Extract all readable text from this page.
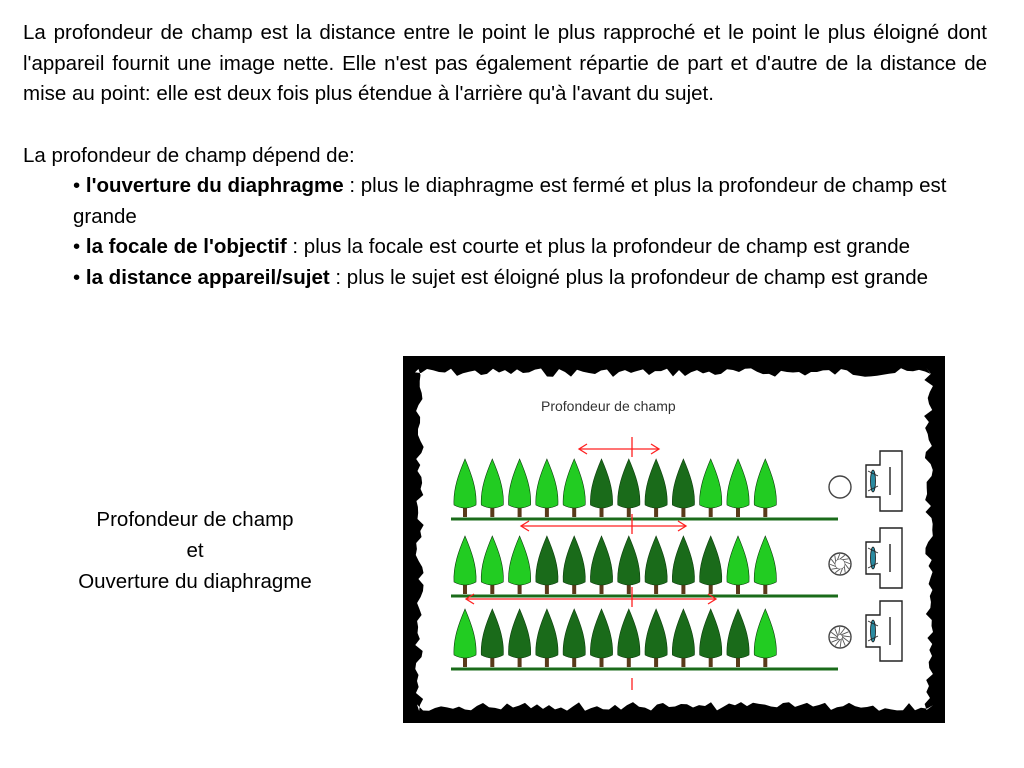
La profondeur de champ est la distance entre le point le plus rapproché et le point le plus éloigné dont l'appareil fournit une image nette. Elle n'est pas également répartie de part et d'autre de la distance de mise au point: elle est deux fois plus étendue à l'arrière qu'à l'avant du sujet.

La profondeur de champ dépend de:

• l'ouverture du diaphragme : plus le diaphragme est fermé et plus la profondeur de champ est grande
• la focale de l'objectif : plus la focale est courte et plus la profondeur de champ est grande
• la distance appareil/sujet : plus le sujet est éloigné plus la profondeur de champ est grande
Profondeur de champ
et
Ouverture du diaphragme
Profondeur de champ
